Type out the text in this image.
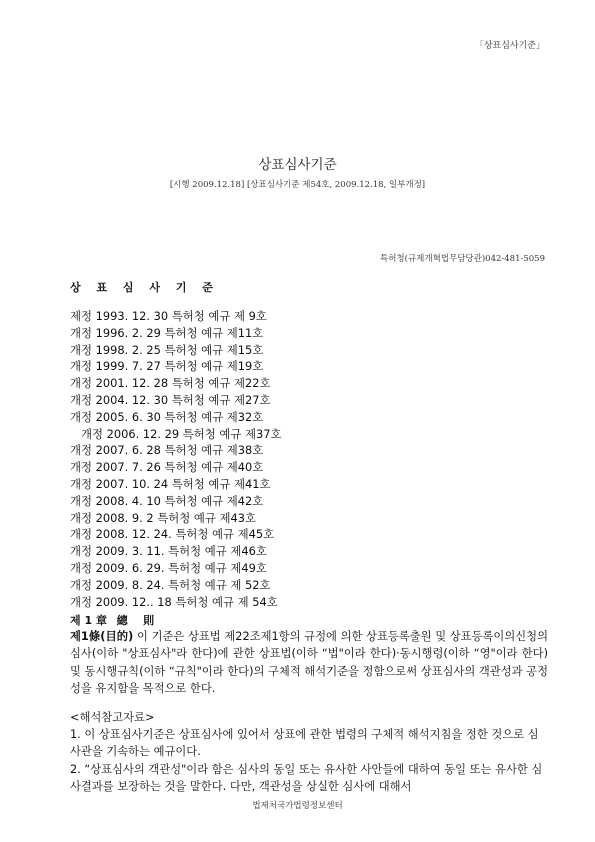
「상표심사기준」
상표심사기준
[시행 2009.12.18] [상표심사기준 제54호, 2009.12.18, 일부개정]
특허청(규제개혁법무담당관)042-481-5059
상 표 심 사 기 준
제정 1993. 12. 30 특허청 예규 제 9호
개정 1996. 2. 29 특허청 예규 제11호
개정 1998. 2. 25 특허청 예규 제15호
개정 1999. 7. 27 특허청 예규 제19호
개정 2001. 12. 28 특허청 예규 제22호
개정 2004. 12. 30 특허청 예규 제27호
개정 2005. 6. 30 특허청 예규 제32호
개정 2006. 12. 29 특허청 예규 제37호
개정 2007. 6. 28 특허청 예규 제38호
개정 2007. 7. 26 특허청 예규 제40호
개정 2007. 10. 24 특허청 예규 제41호
개정 2008. 4. 10 특허청 예규 제42호
개정 2008. 9. 2 특허청 예규 제43호
개정 2008. 12. 24. 특허청 예규 제45호
개정 2009. 3. 11. 특허청 예규 제46호
개정 2009. 6. 29. 특허청 예규 제49호
개정 2009. 8. 24. 특허청 예규 제 52호
개정 2009. 12.. 18 특허청 예규 제 54호
제 1 章 總    則
제1條(目的) 이 기준은 상표법 제22조제1항의 규정에 의한 상표등록출원 및 상표등록이의신청의 심사(이하 "상표심사"라 한다)에 관한 상표법(이하 “법"이라 한다)·동시행령(이하 “영"이라 한다) 및 동시행규칙(이하 “규칙"이라 한다)의 구체적 해석기준을 정함으로써 상표심사의 객관성과 공정성을 유지함을 목적으로 한다.
<해석참고자료>

1. 이 상표심사기준은 상표심사에 있어서 상표에 관한 법령의 구체적 해석지침을 정한 것으로 심사관을 기속하는 예규이다.

2. “상표심사의 객관성"이라 함은 심사의 동일 또는 유사한 사안들에 대하여 동일 또는 유사한 심사결과를 보장하는 것을 말한다. 다만, 객관성을 상실한 심사에 대해서

법제처국가법령정보센터
